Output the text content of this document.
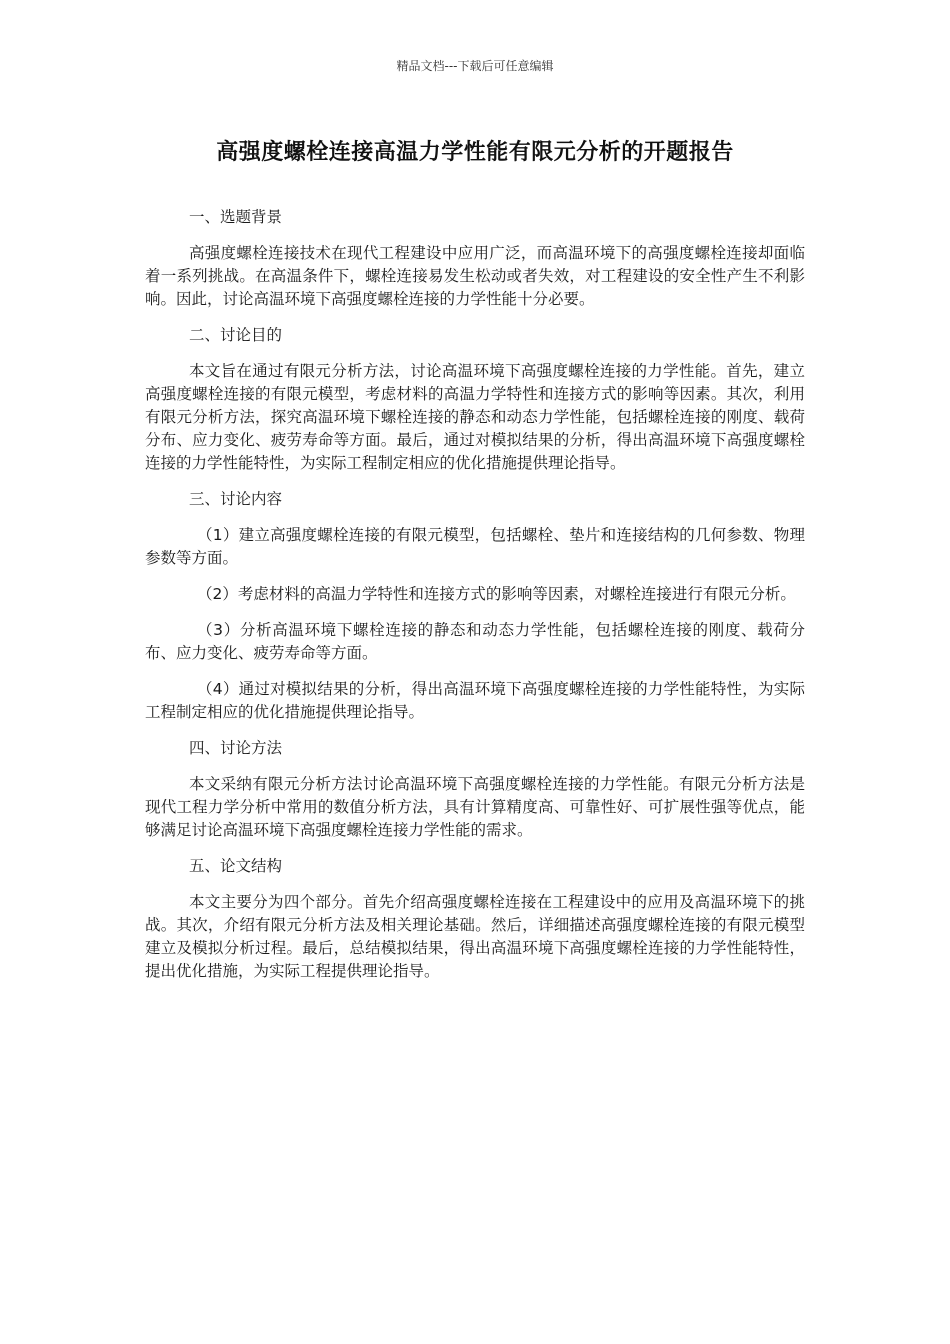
精品文档---下载后可任意编辑
高强度螺栓连接高温力学性能有限元分析的开题报告

一、选题背景

高强度螺栓连接技术在现代工程建设中应用广泛，而高温环境下的高强度螺栓连接却面临着一系列挑战。在高温条件下，螺栓连接易发生松动或者失效，对工程建设的安全性产生不利影响。因此，讨论高温环境下高强度螺栓连接的力学性能十分必要。

二、讨论目的

本文旨在通过有限元分析方法，讨论高温环境下高强度螺栓连接的力学性能。首先，建立高强度螺栓连接的有限元模型，考虑材料的高温力学特性和连接方式的影响等因素。其次，利用有限元分析方法，探究高温环境下螺栓连接的静态和动态力学性能，包括螺栓连接的刚度、载荷分布、应力变化、疲劳寿命等方面。最后，通过对模拟结果的分析，得出高温环境下高强度螺栓连接的力学性能特性，为实际工程制定相应的优化措施提供理论指导。

三、讨论内容

（1）建立高强度螺栓连接的有限元模型，包括螺栓、垫片和连接结构的几何参数、物理参数等方面。

（2）考虑材料的高温力学特性和连接方式的影响等因素，对螺栓连接进行有限元分析。

（3）分析高温环境下螺栓连接的静态和动态力学性能，包括螺栓连接的刚度、载荷分布、应力变化、疲劳寿命等方面。

（4）通过对模拟结果的分析，得出高温环境下高强度螺栓连接的力学性能特性，为实际工程制定相应的优化措施提供理论指导。

四、讨论方法

本文采纳有限元分析方法讨论高温环境下高强度螺栓连接的力学性能。有限元分析方法是现代工程力学分析中常用的数值分析方法，具有计算精度高、可靠性好、可扩展性强等优点，能够满足讨论高温环境下高强度螺栓连接力学性能的需求。

五、论文结构

本文主要分为四个部分。首先介绍高强度螺栓连接在工程建设中的应用及高温环境下的挑战。其次，介绍有限元分析方法及相关理论基础。然后，详细描述高强度螺栓连接的有限元模型建立及模拟分析过程。最后，总结模拟结果，得出高温环境下高强度螺栓连接的力学性能特性，提出优化措施，为实际工程提供理论指导。
